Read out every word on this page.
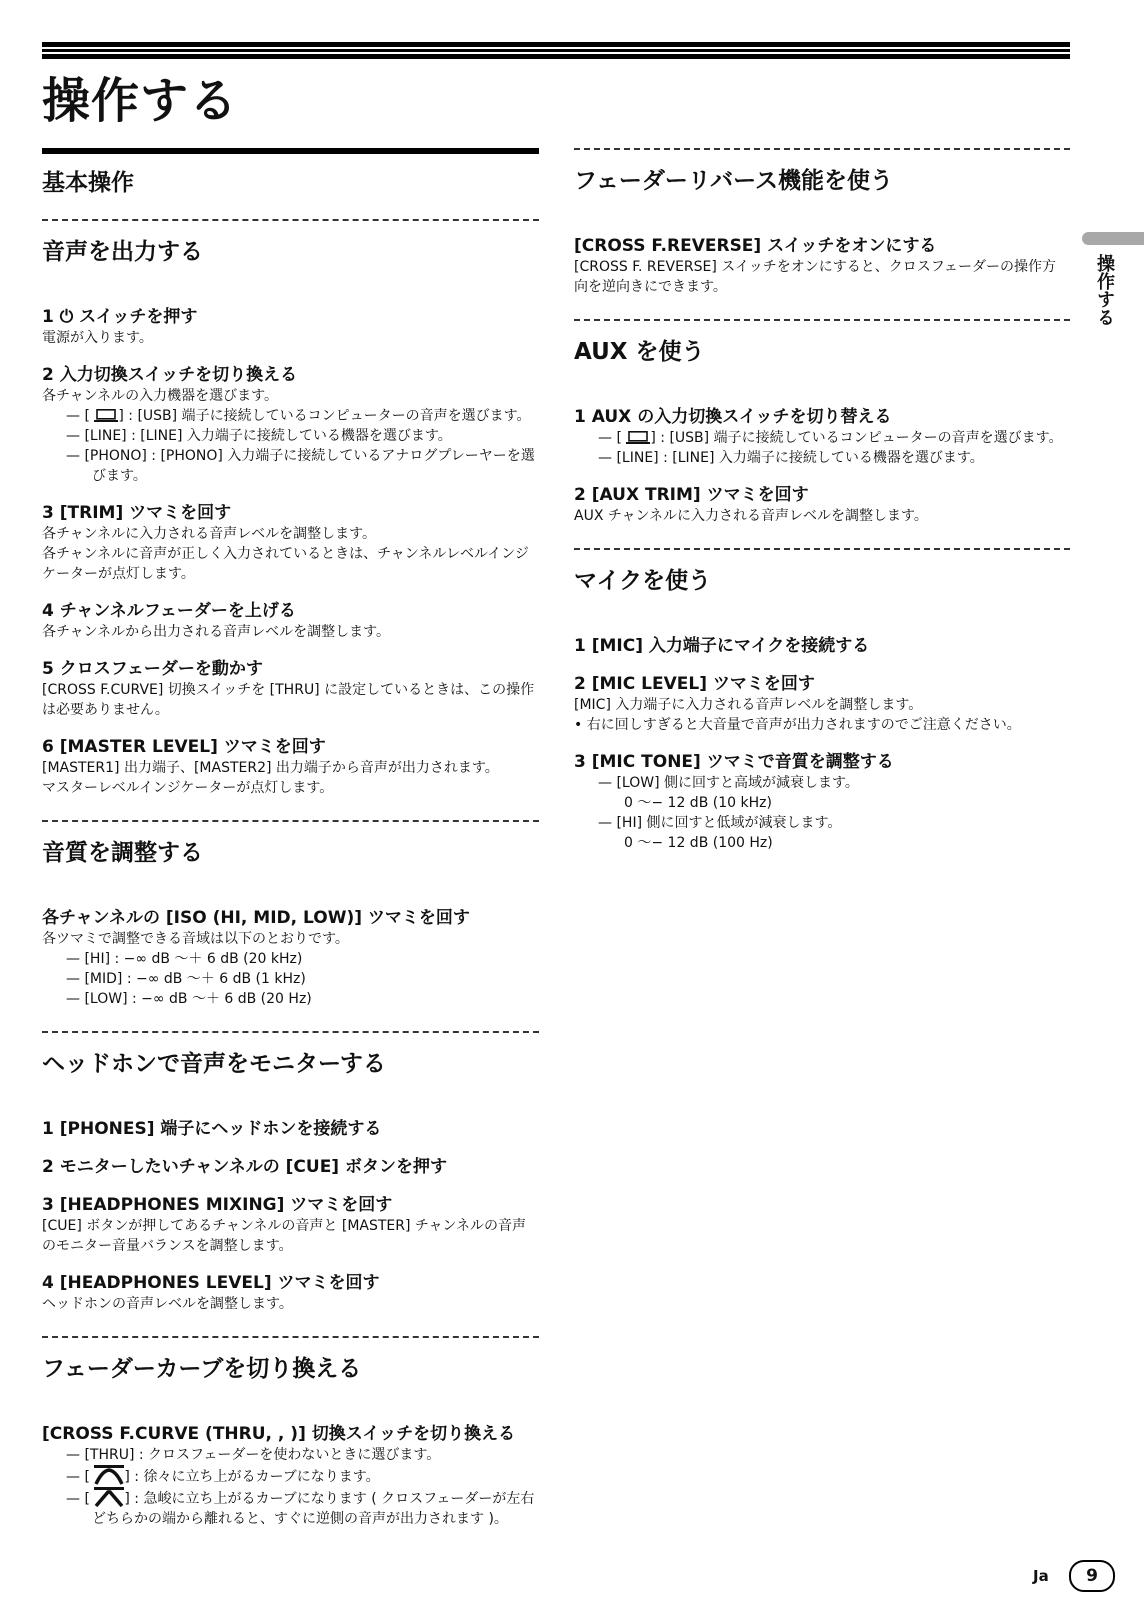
操作する
基本操作
音声を出力する
1 ⏻ スイッチを押す

電源が入ります。

2 入力切換スイッチを切り換える

各チャンネルの入力機器を選びます。

— [ ] : [USB] 端子に接続しているコンピューターの音声を選びます。

— [LINE] : [LINE] 入力端子に接続している機器を選びます。

— [PHONO] : [PHONO] 入力端子に接続しているアナログプレーヤーを選びます。

3 [TRIM] ツマミを回す

各チャンネルに入力される音声レベルを調整します。

各チャンネルに音声が正しく入力されているときは、チャンネルレベルインジケーターが点灯します。

4 チャンネルフェーダーを上げる

各チャンネルから出力される音声レベルを調整します。

5 クロスフェーダーを動かす

[CROSS F.CURVE] 切換スイッチを [THRU] に設定しているときは、この操作は必要ありません。

6 [MASTER LEVEL] ツマミを回す

[MASTER1] 出力端子、[MASTER2] 出力端子から音声が出力されます。

マスターレベルインジケーターが点灯します。

音質を調整する
各チャンネルの [ISO (HI, MID, LOW)] ツマミを回す

各ツマミで調整できる音域は以下のとおりです。

— [HI] : −∞ dB ～＋ 6 dB (20 kHz)

— [MID] : −∞ dB ～＋ 6 dB (1 kHz)

— [LOW] : −∞ dB ～＋ 6 dB (20 Hz)

ヘッドホンで音声をモニターする
1 [PHONES] 端子にヘッドホンを接続する
2 モニターしたいチャンネルの [CUE] ボタンを押す
3 [HEADPHONES MIXING] ツマミを回す

[CUE] ボタンが押してあるチャンネルの音声と [MASTER] チャンネルの音声のモニター音量バランスを調整します。

4 [HEADPHONES LEVEL] ツマミを回す

ヘッドホンの音声レベルを調整します。

フェーダーカーブを切り換える
[CROSS F.CURVE (THRU, , )] 切換スイッチを切り換える

— [THRU] : クロスフェーダーを使わないときに選びます。

— [ ] : 徐々に立ち上がるカーブになります。

— [ ] : 急峻に立ち上がるカーブになります ( クロスフェーダーが左右どちらかの端から離れると、すぐに逆側の音声が出力されます )。

フェーダーリバース機能を使う
[CROSS F.REVERSE] スイッチをオンにする

[CROSS F. REVERSE] スイッチをオンにすると、クロスフェーダーの操作方向を逆向きにできます。

AUX を使う
1 AUX の入力切換スイッチを切り替える

— [ ] : [USB] 端子に接続しているコンピューターの音声を選びます。

— [LINE] : [LINE] 入力端子に接続している機器を選びます。

2 [AUX TRIM] ツマミを回す

AUX チャンネルに入力される音声レベルを調整します。

マイクを使う
1 [MIC] 入力端子にマイクを接続する
2 [MIC LEVEL] ツマミを回す

[MIC] 入力端子に入力される音声レベルを調整します。

• 右に回しすぎると大音量で音声が出力されますのでご注意ください。

3 [MIC TONE] ツマミで音質を調整する

— [LOW] 側に回すと高域が減衰します。

0 ～− 12 dB (10 kHz)

— [HI] 側に回すと低域が減衰します。

0 ～− 12 dB (100 Hz)

操作する
Ja	9
